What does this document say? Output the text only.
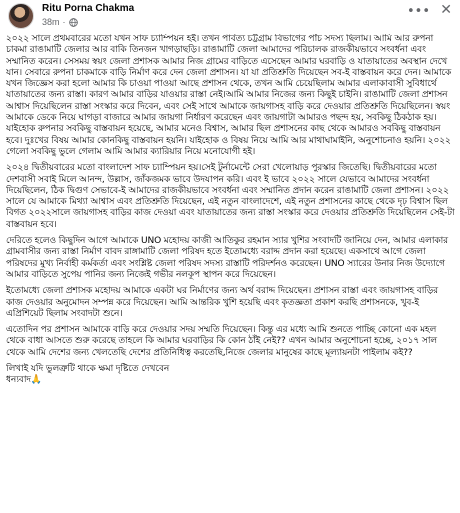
Ritu Porna Chakma
38m ·
••• ✕

২০২২ সালে প্রথমবারের মতো যখন সাফ চ্যাম্পিয়ন হই। তখন পার্বত্য চট্টগ্রাম বিভাগের পাঁচ সদস্য ছিলাম। আমি আর রুপনা চাকমা রাঙামাটি জেলার আর বাকি তিনজন খাগড়াছড়ি। রাঙামাটি জেলা আমাদের পরিচালক রাজকীয়ভাবে সংবর্ধনা এবং সম্মানিত করেন। সেসময় স্বয়ং জেলা প্রশাসক আমার নিজ গ্রামের বাড়িতে এসেছেন আমার ঘরবাড়ি ও যাতায়াতের অবস্থান দেখে যান। সেবারে রুপনা চাকমাকে বাড়ি নির্মাণ করে দেন জেলা প্রশাসন। যা যা প্রতিশ্রুতি দিয়েছেন সব-ই বাস্তবায়ন করে দেন। আমাকে যখন জিজ্ঞেস করা হলো আমার কি চাওয়া পাওয়া আছে প্রশাসন থেকে, তখন আমি চেয়েছিলাম আমার এলাকাবাসী সুবিধার্থে যাতায়াতের জন্য রাস্তা। কারণ আমার বাড়ির যাওয়ার রাস্তা নেই।আমি আমার নিজের জন্য কিছুই চাইনি। রাঙামাটি জেলা প্রশাসন আশ্বাস দিয়েছিলেন রাস্তা সংস্কার করে দিবেন, এবং সেই সাথে আমাকে জায়গাসহ বাড়ি করে দেওয়ার প্রতিশ্রুতি দিয়েছিলেন। স্বয়ং আমাকে ডেকে নিয়ে ঘাগড়া বাজারে আমার জায়গা নির্ধারণ করেছেন এবং জায়গাটা আমারও পছন্দ হয়, সবকিছু ঠিকঠাক হয়। যাইহোক রুপনার সবকিছু বাস্তবায়ন হয়েছে, আমার মনেও বিশ্বাস, আমার ছিল প্রশাসনের কাছ থেকে আমারও সবকিছু বাস্তবায়ন হবে। দুঃখের বিষয় আমার কোনকিছু বাস্তবায়ন হয়নি। যাইহোক ও বিষয় নিয়ে আমি আর মাথাঘামাইনি, অনুশোচনাও হয়নি। ২০২২ গেলো সবকিছু ভুলে গেলাম আমি আমার ক্যারিয়ার নিয়ে মনোযোগী হই।

২০২৪ দ্বিতীয়বারের মতো বাংলাদেশ সাফ চ্যাম্পিয়ন হয়।সেই টুর্নামেন্টে সেরা খেলোয়াড় পুরস্কার জিতেছি। দ্বিতীয়বারের মতো দেশবাসী সবাই মিলে আনন্দ, উল্লাস, জাঁকজমক ভাবে উদযাপন করি। এবং ই ভাবে ২০২২ সালে যেভাবে আমাদের সংবর্ধনা দিয়েছিলেন, ঠিক দ্বিগুণ সেভাবে-ই আমাদের রাজকীয়ভাবে সংবর্ধনা এবং সম্মানিত প্রদান করেন রাঙামাটি জেলা প্রশাসন। ২০২২ সালে যে আমাকে মিথ্যা আশ্বাস এবং প্রতিশ্রুতি দিয়েছেন, এই নতুন বাংলাদেশে, এই নতুন প্রশাসনের কাছে থেকে দৃঢ় বিশ্বাস ছিল বিগত ২০২২সালে জায়গাসহ বাড়ির কাজ দেওয়া এবং যাতায়াতের জন্য রাস্তা সংস্কার করে দেওয়ার প্রতিশ্রুতি দিয়েছিলেন সেই-টা বাস্তবায়ন হবে।

দেরিতে হলেও কিছুদিন আগে আমাকে UNO মহোদয় কাজী আতিকুর রহমান স্যার খুশির সংবাদটি জানিয়ে দেন, আমার এলাকার গ্রামবাসীর জন্য রাস্তা নির্মাণ বাবদ রাঙ্গামাটি জেলা পরিষদ হতে ইতোমধ্যে বরাদ্দ প্রদান করা হয়েছে। একসাথে আগে জেলা পরিষদের মুখ্য নির্বাহী কর্মকর্তা এবং সংশ্লিষ্ট জেলা পরিষদ সদস্য রাস্তাটি পরিদর্শনও করেছেন। UNO স্যারের উনার নিজ উদ্যোগে আমার বাড়িতে সুপেয় পানির জন্য নিজেই গভীর নলকূপ স্থাপন করে দিয়েছেন।

ইতোমধ্যে জেলা প্রশাসক মহোদয় আমাকে একটা ঘর নির্মাণের জন্য অর্থ বরাদ্দ দিয়েছেন। প্রশাসন রাস্তা এবং জায়গাসহ বাড়ির কাজ দেওয়ার অনুমোদন সম্পন্ন করে দিয়েছেন। আমি আন্তরিক খুশি হয়েছি এবং কৃতজ্ঞতা প্রকাশ করছি প্রশাসনকে, খুব-ই এপ্রিশিয়েট ছিলাম সংবাদটা শুনে।

এতোদিন পর প্রশাসন আমাকে বাড়ি করে দেওয়ার সদয় সম্মতি দিয়েছেন। কিন্তু এর মধ্যে আমি শুনতে পাচ্ছি কোনো এক মহল থেকে বাধা আসতে শুরু করেছে তাহলে কি আমার ঘরবাড়ির কি কোন ঠাঁই নেই?? এখন আমার অনুশোচনা হচ্ছে, ২০১৭ সাল থেকে আমি দেশের জন্য খেলতেছি দেশের প্রতিনিধিত্ব করতেছি,নিজে জেলার মানুষের কাছে মূল্যায়নটা পাইলাম কই??

লিখাই যদি ভুলত্রুটি থাকে ক্ষমা দৃষ্টিতে দেখবেন
ধন্যবাদ🙏
